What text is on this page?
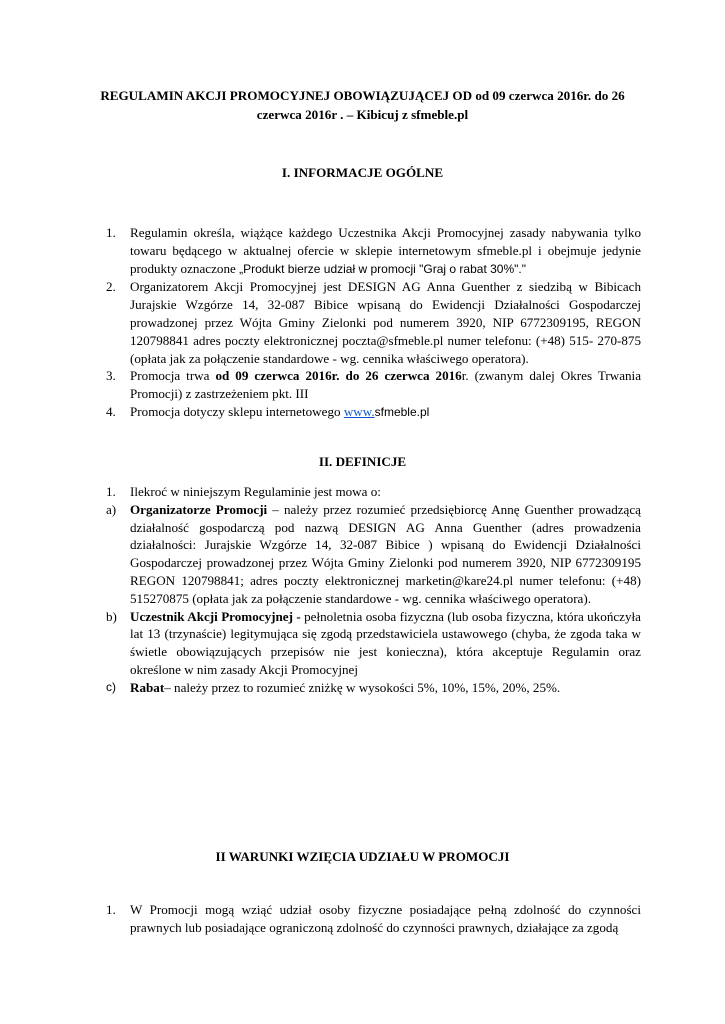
REGULAMIN AKCJI PROMOCYJNEJ OBOWIĄZUJĄCEJ OD od 09 czerwca 2016r. do 26
czerwca 2016r . – Kibicuj z sfmeble.pl
I. INFORMACJE OGÓLNE
1. Regulamin określa, wiążące każdego Uczestnika Akcji Promocyjnej zasady nabywania tylko towaru będącego w aktualnej ofercie w sklepie internetowym sfmeble.pl i obejmuje jedynie produkty oznaczone „Produkt bierze udział w promocji "Graj o rabat 30%"."
2. Organizatorem Akcji Promocyjnej jest DESIGN AG Anna Guenther z siedzibą w Bibicach Jurajskie Wzgórze 14, 32-087 Bibice wpisaną do Ewidencji Działalności Gospodarczej prowadzonej przez Wójta Gminy Zielonki pod numerem 3920, NIP 6772309195, REGON 120798841 adres poczty elektronicznej poczta@sfmeble.pl numer telefonu: (+48) 515- 270-875 (opłata jak za połączenie standardowe - wg. cennika właściwego operatora).
3. Promocja trwa od 09 czerwca 2016r. do 26 czerwca 2016r. (zwanym dalej Okres Trwania Promocji) z zastrzeżeniem pkt. III
4. Promocja dotyczy sklepu internetowego www.sfmeble.pl
II. DEFINICJE
1. Ilekroć w niniejszym Regulaminie jest mowa o:
a) Organizatorze Promocji – należy przez rozumieć przedsiębiorcę Annę Guenther prowadzącą działalność gospodarczą pod nazwą DESIGN AG Anna Guenther (adres prowadzenia działalności: Jurajskie Wzgórze 14, 32-087 Bibice ) wpisaną do Ewidencji Działalności Gospodarczej prowadzonej przez Wójta Gminy Zielonki pod numerem 3920, NIP 6772309195 REGON 120798841; adres poczty elektronicznej marketin@kare24.pl numer telefonu: (+48) 515270875 (opłata jak za połączenie standardowe - wg. cennika właściwego operatora).
b) Uczestnik Akcji Promocyjnej - pełnoletnia osoba fizyczna (lub osoba fizyczna, która ukończyła lat 13 (trzynaście) legitymująca się zgodą przedstawiciela ustawowego (chyba, że zgoda taka w świetle obowiązujących przepisów nie jest konieczna), która akceptuje Regulamin oraz określone w nim zasady Akcji Promocyjnej
c) Rabat– należy przez to rozumieć zniżkę w wysokości 5%, 10%, 15%, 20%, 25%.
II WARUNKI WZIĘCIA UDZIAŁU W PROMOCJI
1. W Promocji mogą wziąć udział osoby fizyczne posiadające pełną zdolność do czynności prawnych lub posiadające ograniczoną zdolność do czynności prawnych, działające za zgodą
